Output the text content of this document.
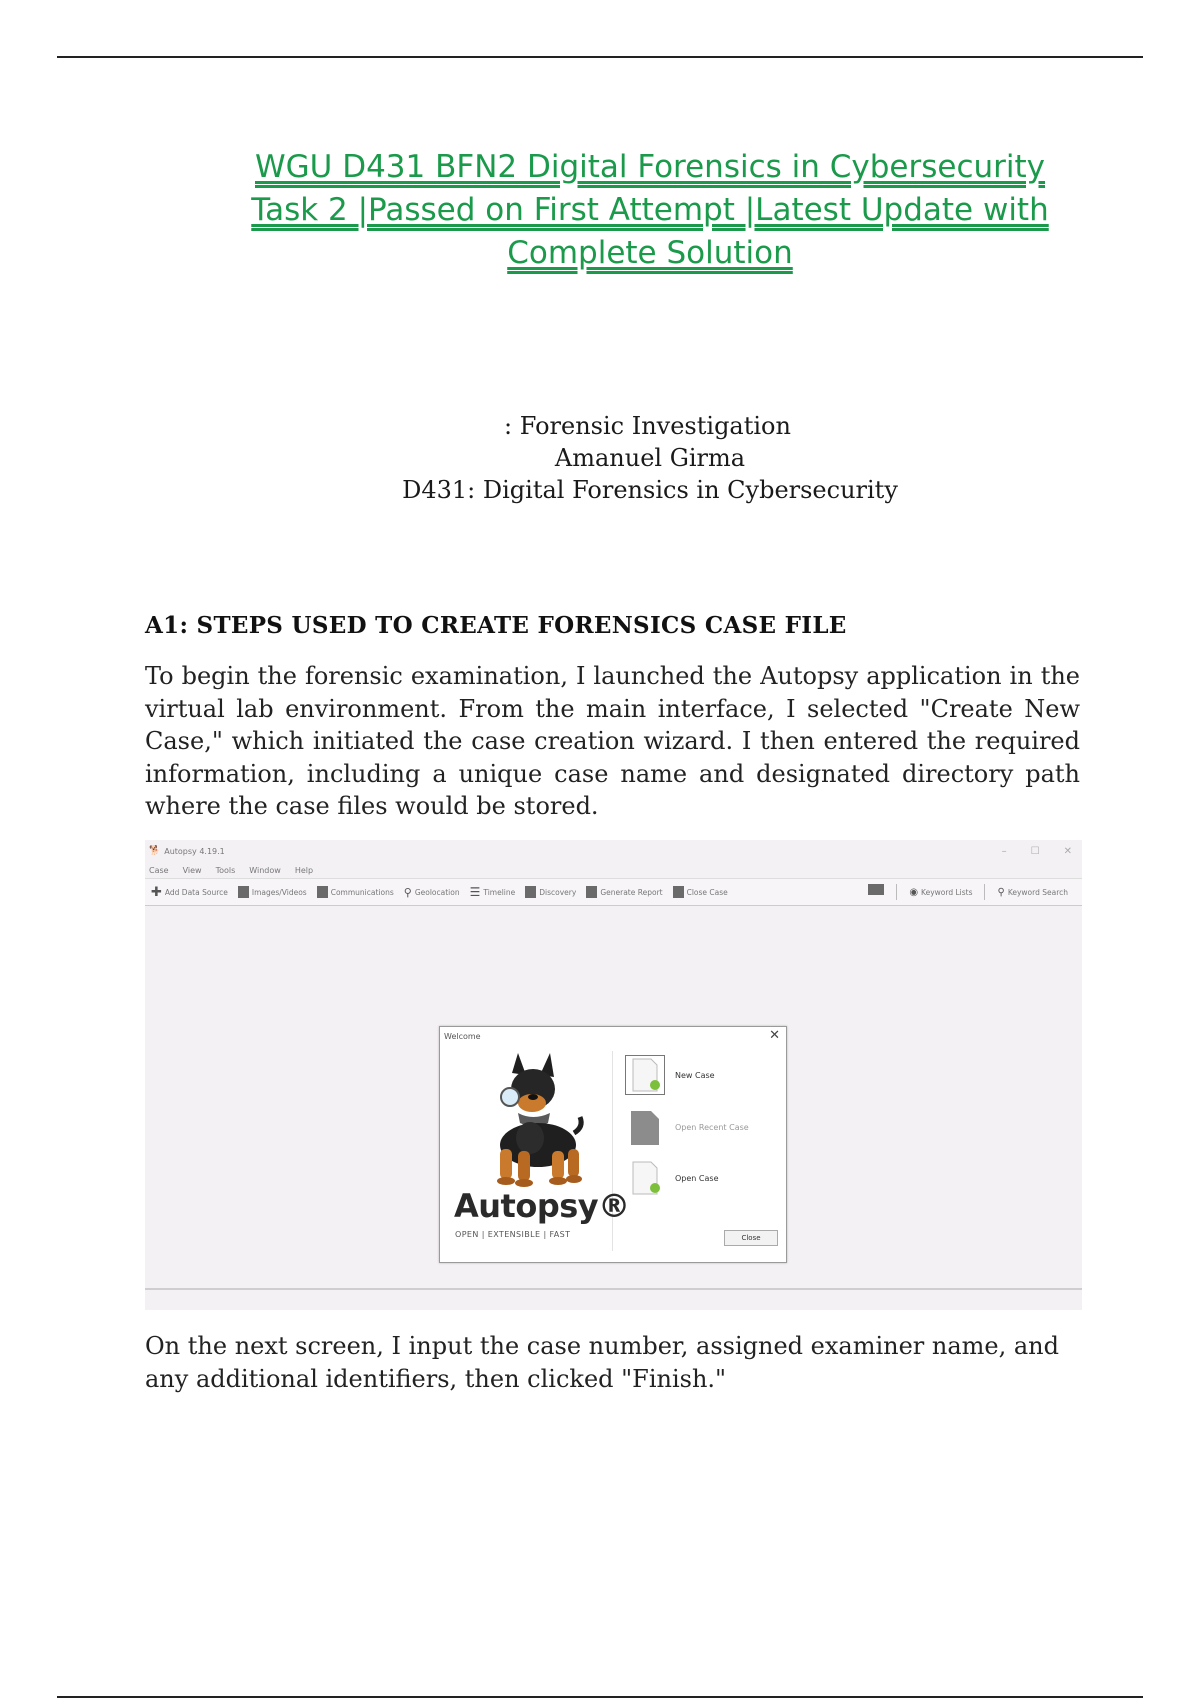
WGU D431 BFN2 Digital Forensics in Cybersecurity
Task 2 |Passed on First Attempt |Latest Update with
Complete Solution
: Forensic Investigation
Amanuel Girma
D431: Digital Forensics in Cybersecurity
A1: STEPS USED TO CREATE FORENSICS CASE FILE
To begin the forensic examination, I launched the Autopsy application in the virtual lab environment. From the main interface, I selected "Create New Case," which initiated the case creation wizard. I then entered the required information, including a unique case name and designated directory path where the case files would be stored.
🐕 Autopsy 4.19.1	– ☐ ✕
Case View Tools Window Help
✚ Add Data Source	Images/Videos	Communications ⚲ Geolocation ☰ Timeline	Discovery	Generate Report	Close Case	◉ Keyword Lists	⚲ Keyword Search
Welcome	✕
Autopsy®
OPEN | EXTENSIBLE | FAST
New Case
Open Recent Case
Open Case
Close
On the next screen, I input the case number, assigned examiner name, and any additional identifiers, then clicked "Finish."
